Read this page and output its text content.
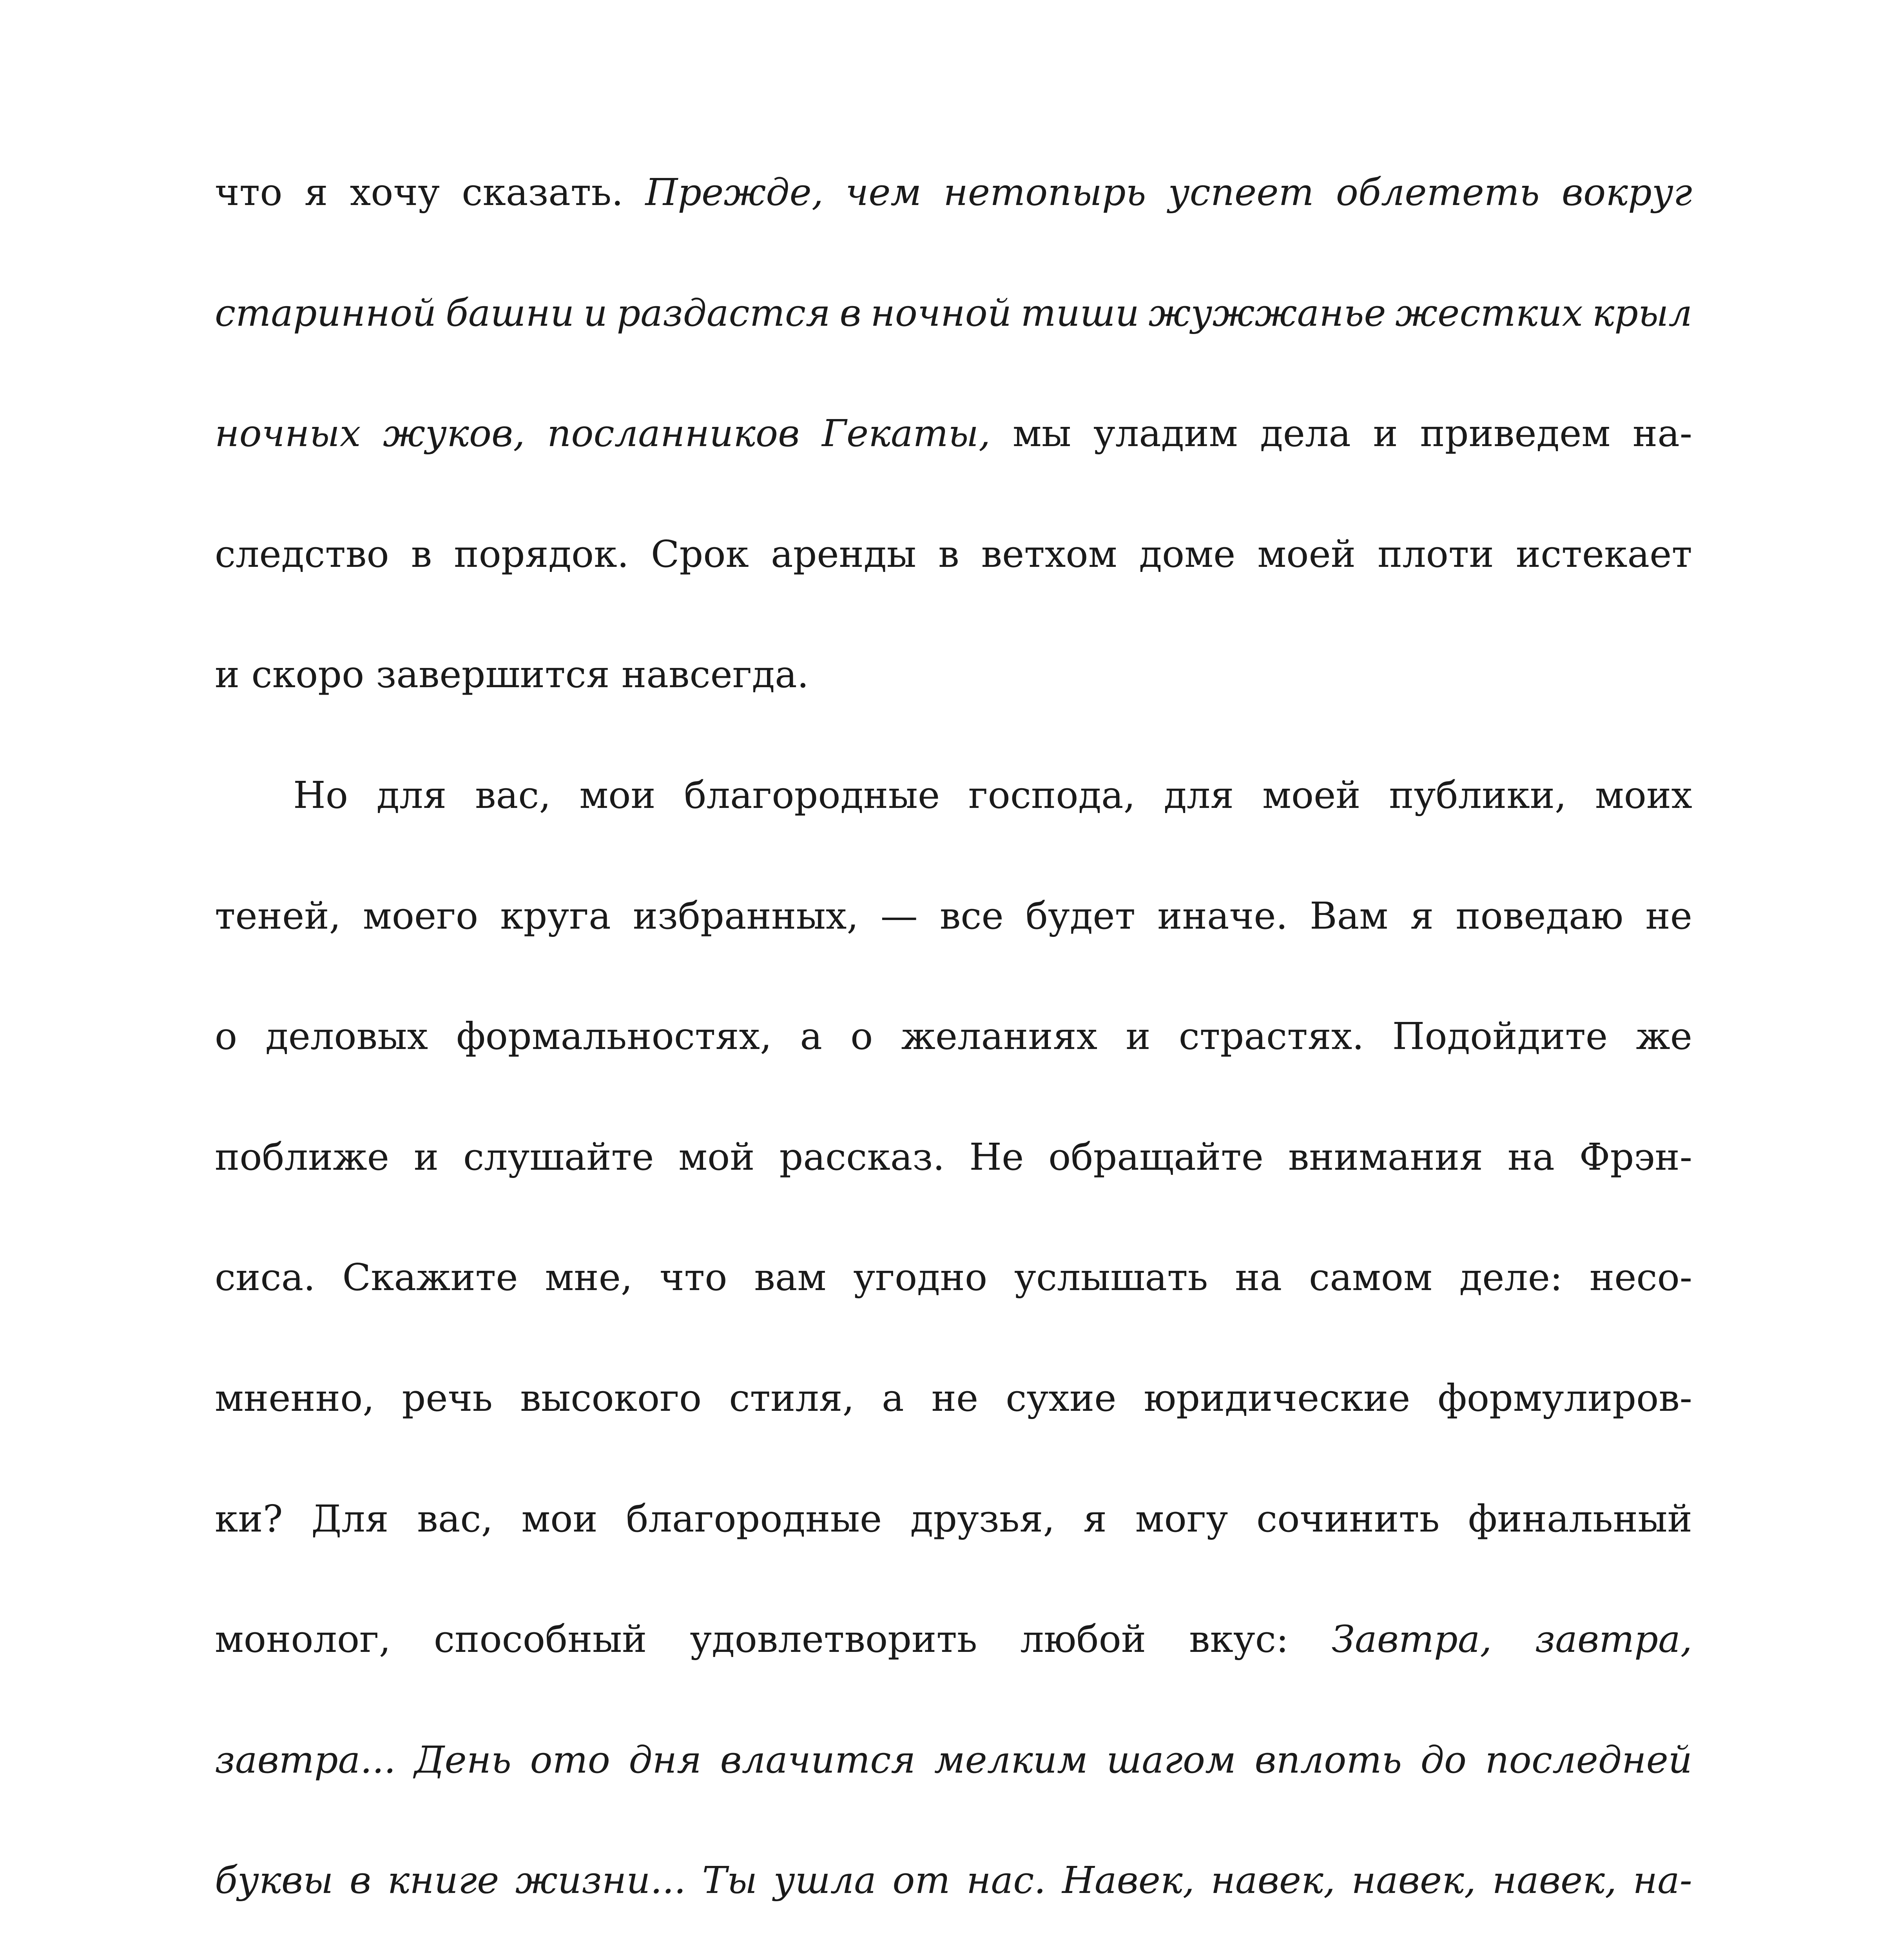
что я хочу сказать. Прежде, чем нетопырь успеет облететь вокруг
старинной башни и раздастся в ночной тиши жужжанье жестких крыл
ночных жуков, посланников Гекаты, мы уладим дела и приведем на-
следство в порядок. Срок аренды в ветхом доме моей плоти истекает
и скоро завершится навсегда.
Но для вас, мои благородные господа, для моей публики, моих
теней, моего круга избранных, — все будет иначе. Вам я поведаю не
о деловых формальностях, а о желаниях и страстях. Подойдите же
поближе и слушайте мой рассказ. Не обращайте внимания на Фрэн-
сиса. Скажите мне, что вам угодно услышать на самом деле: несо-
мненно, речь высокого стиля, а не сухие юридические формулиров-
ки? Для вас, мои благородные друзья, я могу сочинить финальный
монолог, способный удовлетворить любой вкус: Завтра, завтра,
завтра... День ото дня влачится мелким шагом вплоть до последней
буквы в книге жизни... Ты ушла от нас. Навек, навек, навек, навек, на-
